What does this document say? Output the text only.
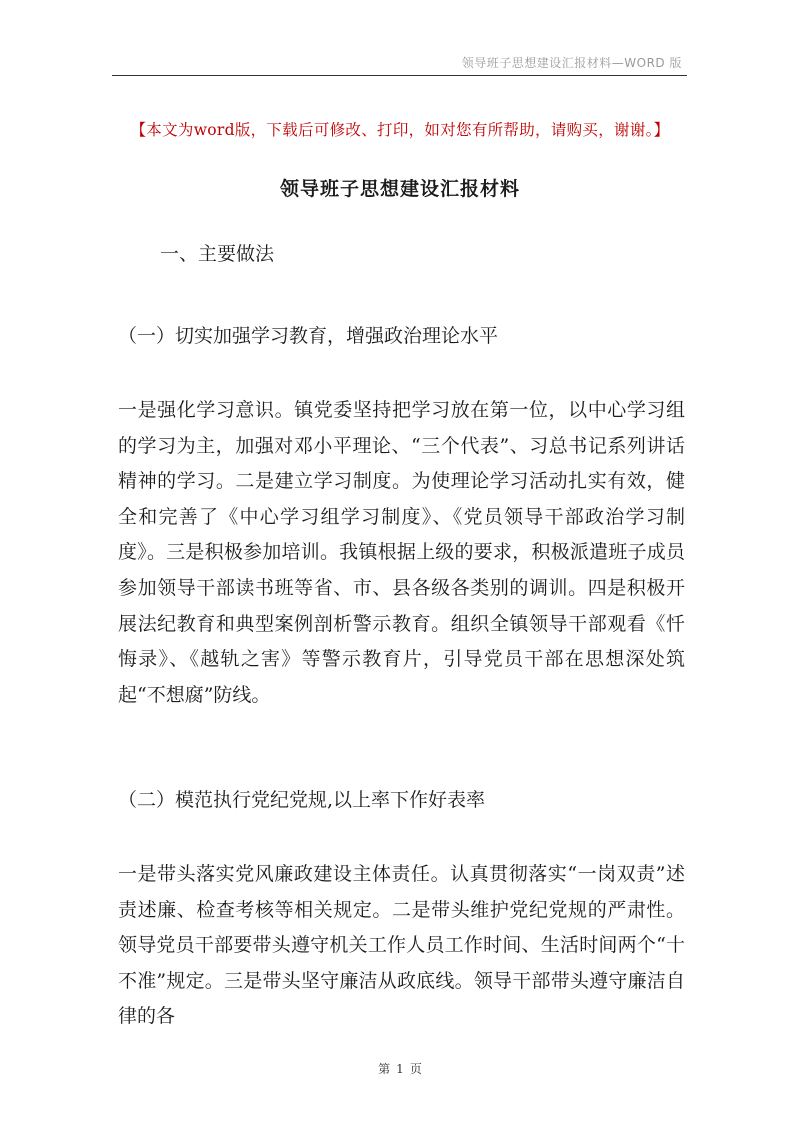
领导班子思想建设汇报材料—WORD 版
【本文为word版，下载后可修改、打印，如对您有所帮助，请购买，谢谢。】
领导班子思想建设汇报材料
一、主要做法
（一）切实加强学习教育，增强政治理论水平

一是强化学习意识。镇党委坚持把学习放在第一位，以中心学习组的学习为主，加强对邓小平理论、“三个代表”、习总书记系列讲话精神的学习。二是建立学习制度。为使理论学习活动扎实有效，健全和完善了《中心学习组学习制度》、《党员领导干部政治学习制度》。三是积极参加培训。我镇根据上级的要求，积极派遣班子成员参加领导干部读书班等省、市、县各级各类别的调训。四是积极开展法纪教育和典型案例剖析警示教育。组织全镇领导干部观看《忏悔录》、《越轨之害》等警示教育片，引导党员干部在思想深处筑起“不想腐”防线。

（二）模范执行党纪党规,以上率下作好表率

一是带头落实党风廉政建设主体责任。认真贯彻落实“一岗双责”述责述廉、检查考核等相关规定。二是带头维护党纪党规的严肃性。领导党员干部要带头遵守机关工作人员工作时间、生活时间两个“十不准”规定。三是带头坚守廉洁从政底线。领导干部带头遵守廉洁自律的各

第 1 页
